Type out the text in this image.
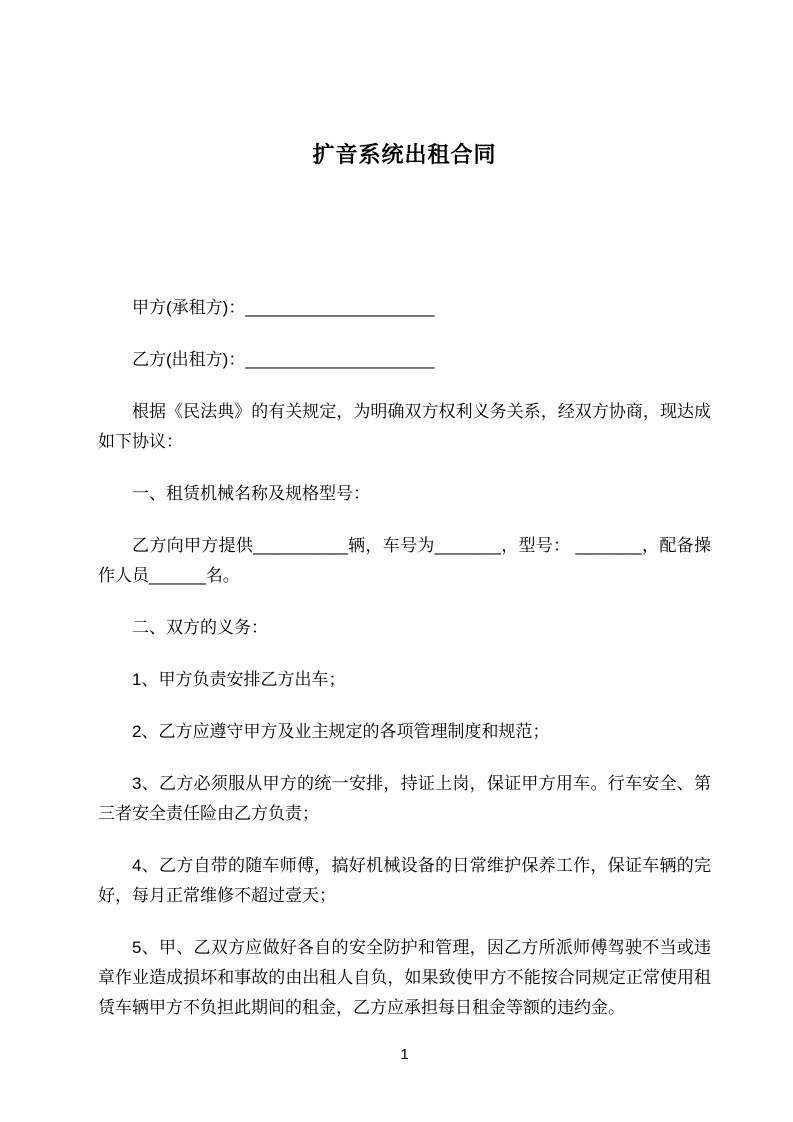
扩音系统出租合同

甲方(承租方)：____________________

乙方(出租方)：____________________

根据《民法典》的有关规定，为明确双方权利义务关系，经双方协商，现达成如下协议：

一、租赁机械名称及规格型号：

乙方向甲方提供__________辆，车号为_______，型号： _______，配备操作人员______名。

二、双方的义务：

1、甲方负责安排乙方出车；

2、乙方应遵守甲方及业主规定的各项管理制度和规范；

3、乙方必须服从甲方的统一安排，持证上岗，保证甲方用车。行车安全、第三者安全责任险由乙方负责；

4、乙方自带的随车师傅，搞好机械设备的日常维护保养工作，保证车辆的完好，每月正常维修不超过壹天；

5、甲、乙双方应做好各自的安全防护和管理，因乙方所派师傅驾驶不当或违章作业造成损坏和事故的由出租人自负，如果致使甲方不能按合同规定正常使用租赁车辆甲方不负担此期间的租金，乙方应承担每日租金等额的违约金。

1
